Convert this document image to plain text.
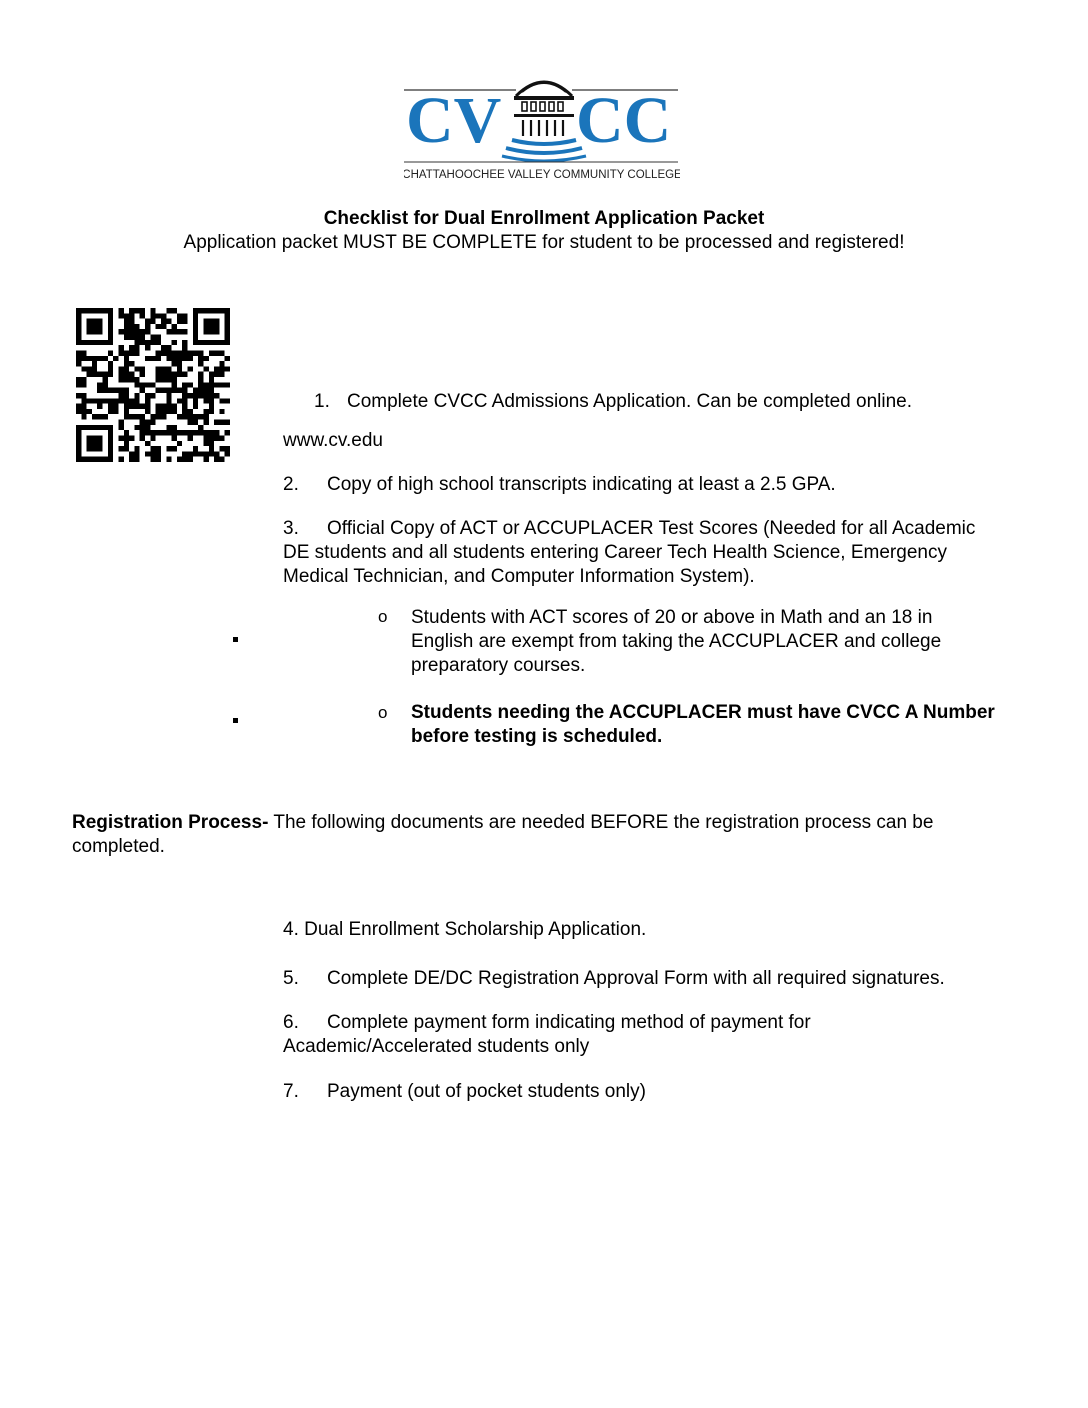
CV CC
CHATTAHOOCHEE VALLEY COMMUNITY COLLEGE
Checklist for Dual Enrollment Application Packet
Application packet MUST BE COMPLETE for student to be processed and registered!
1. Complete CVCC Admissions Application. Can be completed online.
www.cv.edu
2. Copy of high school transcripts indicating at least a 2.5 GPA.
3. Official Copy of ACT or ACCUPLACER Test Scores (Needed for all Academic
DE students and all students entering Career Tech Health Science, Emergency
Medical Technician, and Computer Information System).
o Students with ACT scores of 20 or above in Math and an 18 in
English are exempt from taking the ACCUPLACER and college
preparatory courses.
o Students needing the ACCUPLACER must have CVCC A Number
before testing is scheduled.
Registration Process- The following documents are needed BEFORE the registration process can be
completed.
4. Dual Enrollment Scholarship Application.
5. Complete DE/DC Registration Approval Form with all required signatures.
6. Complete payment form indicating method of payment for
Academic/Accelerated students only
7. Payment (out of pocket students only)
